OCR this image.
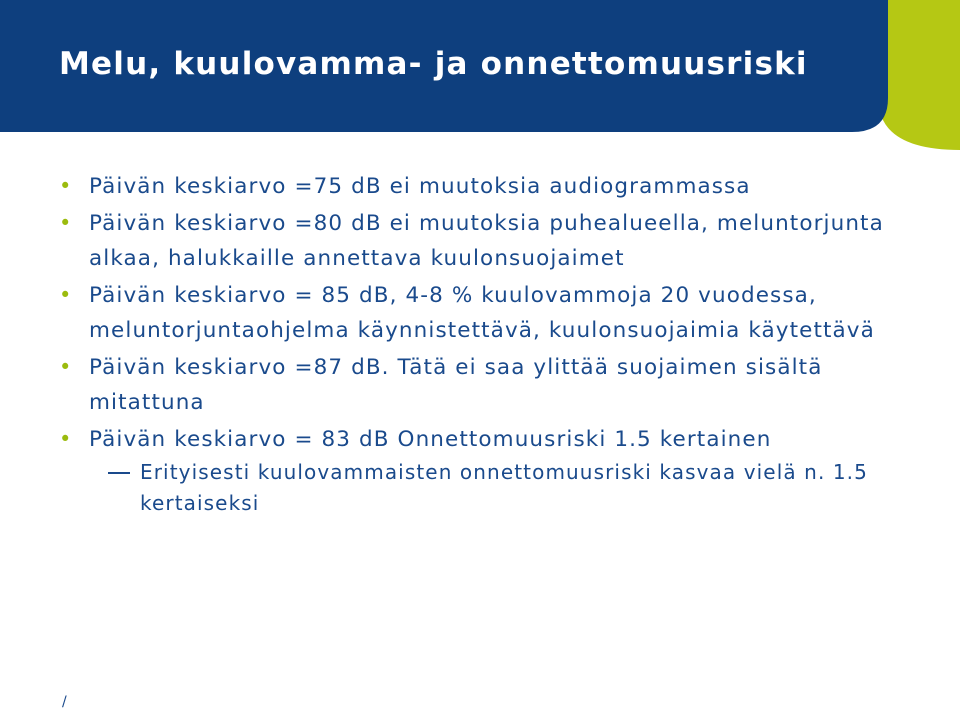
Melu, kuulovamma- ja onnettomuusriski
• Päivän keskiarvo =75 dB ei muutoksia audiogrammassa
• Päivän keskiarvo =80 dB ei muutoksia puhealueella, meluntorjunta alkaa, halukkaille annettava kuulonsuojaimet
• Päivän keskiarvo = 85 dB, 4-8 % kuulovammoja 20 vuodessa, meluntorjuntaohjelma käynnistettävä, kuulonsuojaimia käytettävä
• Päivän keskiarvo =87 dB. Tätä ei saa ylittää suojaimen sisältä mitattuna
• Päivän keskiarvo = 83 dB Onnettomuusriski 1.5 kertainen
Erityisesti kuulovammaisten onnettomuusriski kasvaa vielä n. 1.5 kertaiseksi
/
